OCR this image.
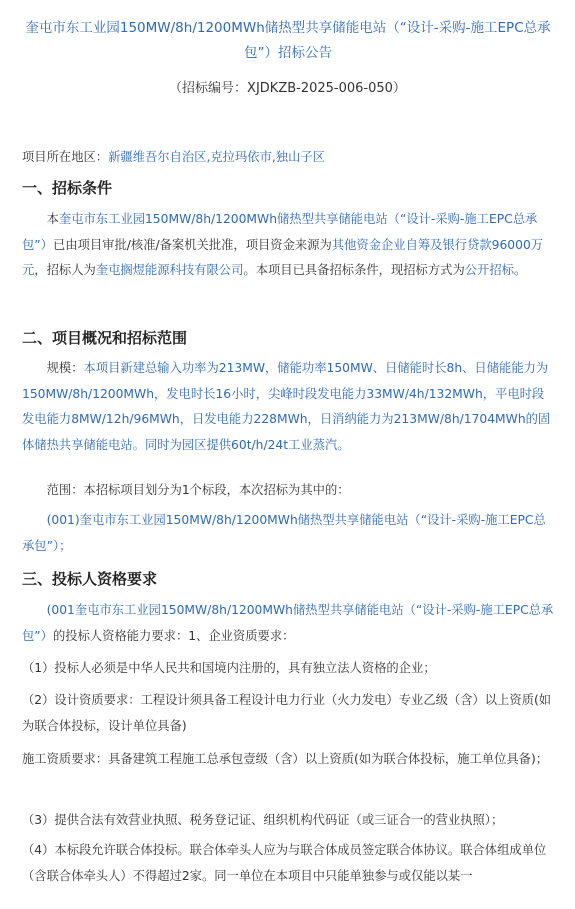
奎屯市东工业园150MW/8h/1200MWh储热型共享储能电站（“设计-采购-施工EPC总承包”）招标公告
（招标编号：XJDKZB-2025-006-050）
项目所在地区：新疆维吾尔自治区,克拉玛依市,独山子区
一、招标条件
本奎屯市东工业园150MW/8h/1200MWh储热型共享储能电站（“设计-采购-施工EPC总承包”）已由项目审批/核准/备案机关批准，项目资金来源为其他资金企业自筹及银行贷款96000万元，招标人为奎屯搁煜能源科技有限公司。本项目已具备招标条件，现招标方式为公开招标。
二、项目概况和招标范围
规模：本项目新建总输入功率为213MW，储能功率150MW、日储能时长8h、日储能能力为150MW/8h/1200MWh，发电时长16小时，尖峰时段发电能力33MW/4h/132MWh，平电时段发电能力8MW/12h/96MWh，日发电能力228MWh，日消纳能力为213MW/8h/1704MWh的固体储热共享储能电站。同时为园区提供60t/h/24t工业蒸汽。
范围：本招标项目划分为1个标段，本次招标为其中的：
(001)奎屯市东工业园150MW/8h/1200MWh储热型共享储能电站（“设计-采购-施工EPC总承包”）；
三、投标人资格要求
(001奎屯市东工业园150MW/8h/1200MWh储热型共享储能电站（“设计-采购-施工EPC总承包”）的投标人资格能力要求：1、企业资质要求：
（1）投标人必须是中华人民共和国境内注册的，具有独立法人资格的企业；
（2）设计资质要求：工程设计须具备工程设计电力行业（火力发电）专业乙级（含）以上资质(如为联合体投标，设计单位具备)
施工资质要求：具备建筑工程施工总承包壹级（含）以上资质(如为联合体投标，施工单位具备)；
（3）提供合法有效营业执照、税务登记证、组织机构代码证（或三证合一的营业执照）；
（4）本标段允许联合体投标。联合体牵头人应为与联合体成员签定联合体协议。联合体组成单位（含联合体牵头人）不得超过2家。同一单位在本项目中只能单独参与或仅能以某一
